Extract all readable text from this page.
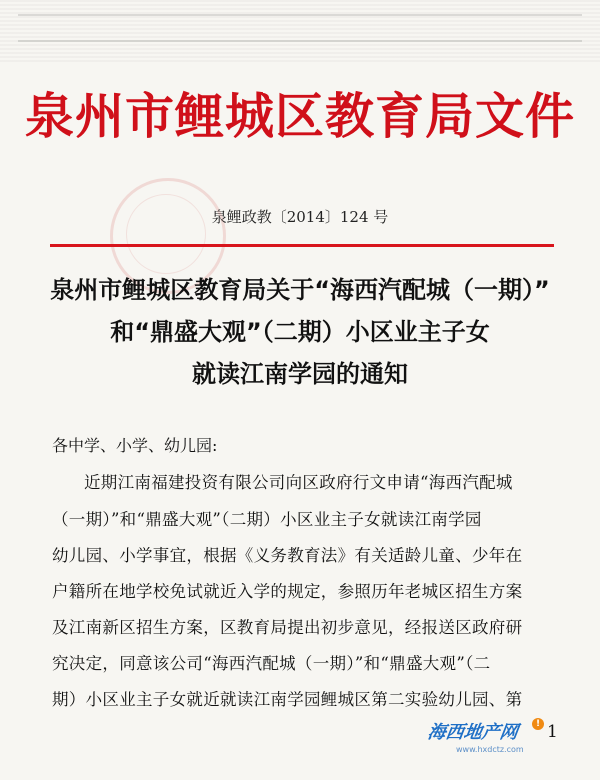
泉州市鲤城区教育局文件
泉鲤政教〔2014〕124 号
泉州市鲤城区教育局关于“海西汽配城（一期）”
和“鼎盛大观”（二期）小区业主子女
就读江南学园的通知
各中学、小学、幼儿园:
近期江南福建投资有限公司向区政府行文申请“海西汽配城
（一期）”和“鼎盛大观”（二期）小区业主子女就读江南学园
幼儿园、小学事宜，根据《义务教育法》有关适龄儿童、少年在
户籍所在地学校免试就近入学的规定，参照历年老城区招生方案
及江南新区招生方案，区教育局提出初步意见，经报送区政府研
究决定，同意该公司“海西汽配城（一期）”和“鼎盛大观”（二
期）小区业主子女就近就读江南学园鲤城区第二实验幼儿园、第
海西地产网	!
www.hxdctz.com
1
